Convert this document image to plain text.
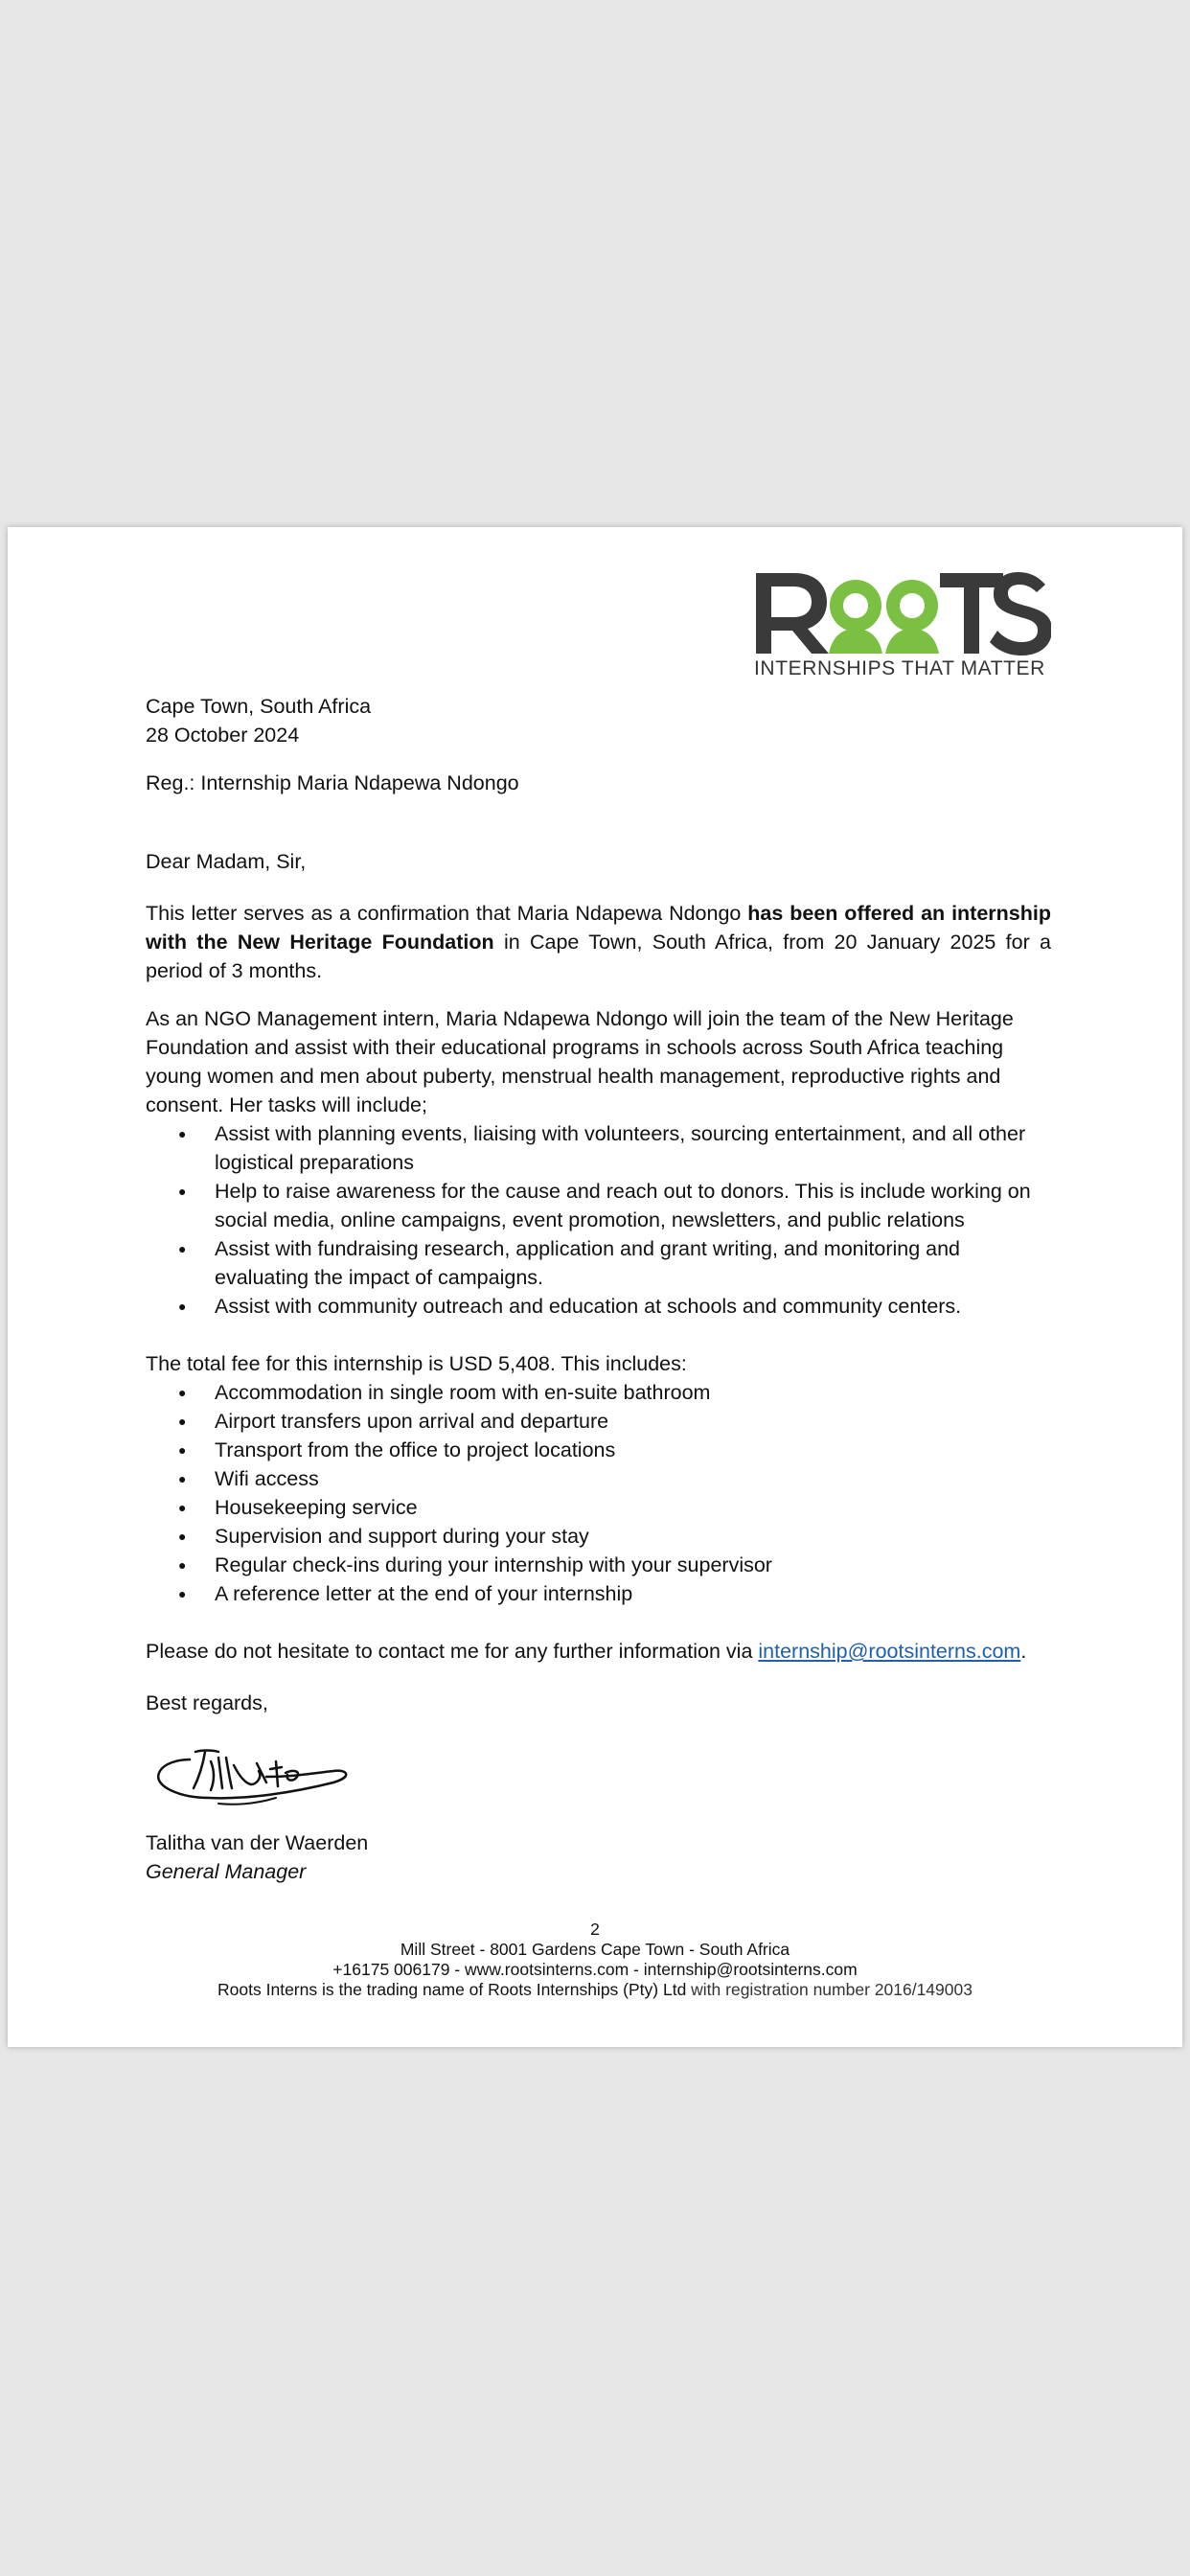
INTERNSHIPS THAT MATTER

Cape Town, South Africa

28 October 2024

Reg.: Internship Maria Ndapewa Ndongo

Dear Madam, Sir,

This letter serves as a confirmation that Maria Ndapewa Ndongo has been offered an internship with the New Heritage Foundation in Cape Town, South Africa, from 20 January 2025 for a period of 3 months.

As an NGO Management intern, Maria Ndapewa Ndongo will join the team of the New Heritage Foundation and assist with their educational programs in schools across South Africa teaching young women and men about puberty, menstrual health management, reproductive rights and consent. Her tasks will include;

● Assist with planning events, liaising with volunteers, sourcing entertainment, and all other logistical preparations
● Help to raise awareness for the cause and reach out to donors. This is include working on social media, online campaigns, event promotion, newsletters, and public relations
● Assist with fundraising research, application and grant writing, and monitoring and evaluating the impact of campaigns.
● Assist with community outreach and education at schools and community centers.

The total fee for this internship is USD 5,408. This includes:

● Accommodation in single room with en-suite bathroom
● Airport transfers upon arrival and departure
● Transport from the office to project locations
● Wifi access
● Housekeeping service
● Supervision and support during your stay
● Regular check-ins during your internship with your supervisor
● A reference letter at the end of your internship

Please do not hesitate to contact me for any further information via internship@rootsinterns.com.

Best regards,

Talitha van der Waerden

General Manager

2
Mill Street - 8001 Gardens Cape Town - South Africa
+16175 006179 - www.rootsinterns.com - internship@rootsinterns.com
Roots Interns is the trading name of Roots Internships (Pty) Ltd with registration number 2016/149003
